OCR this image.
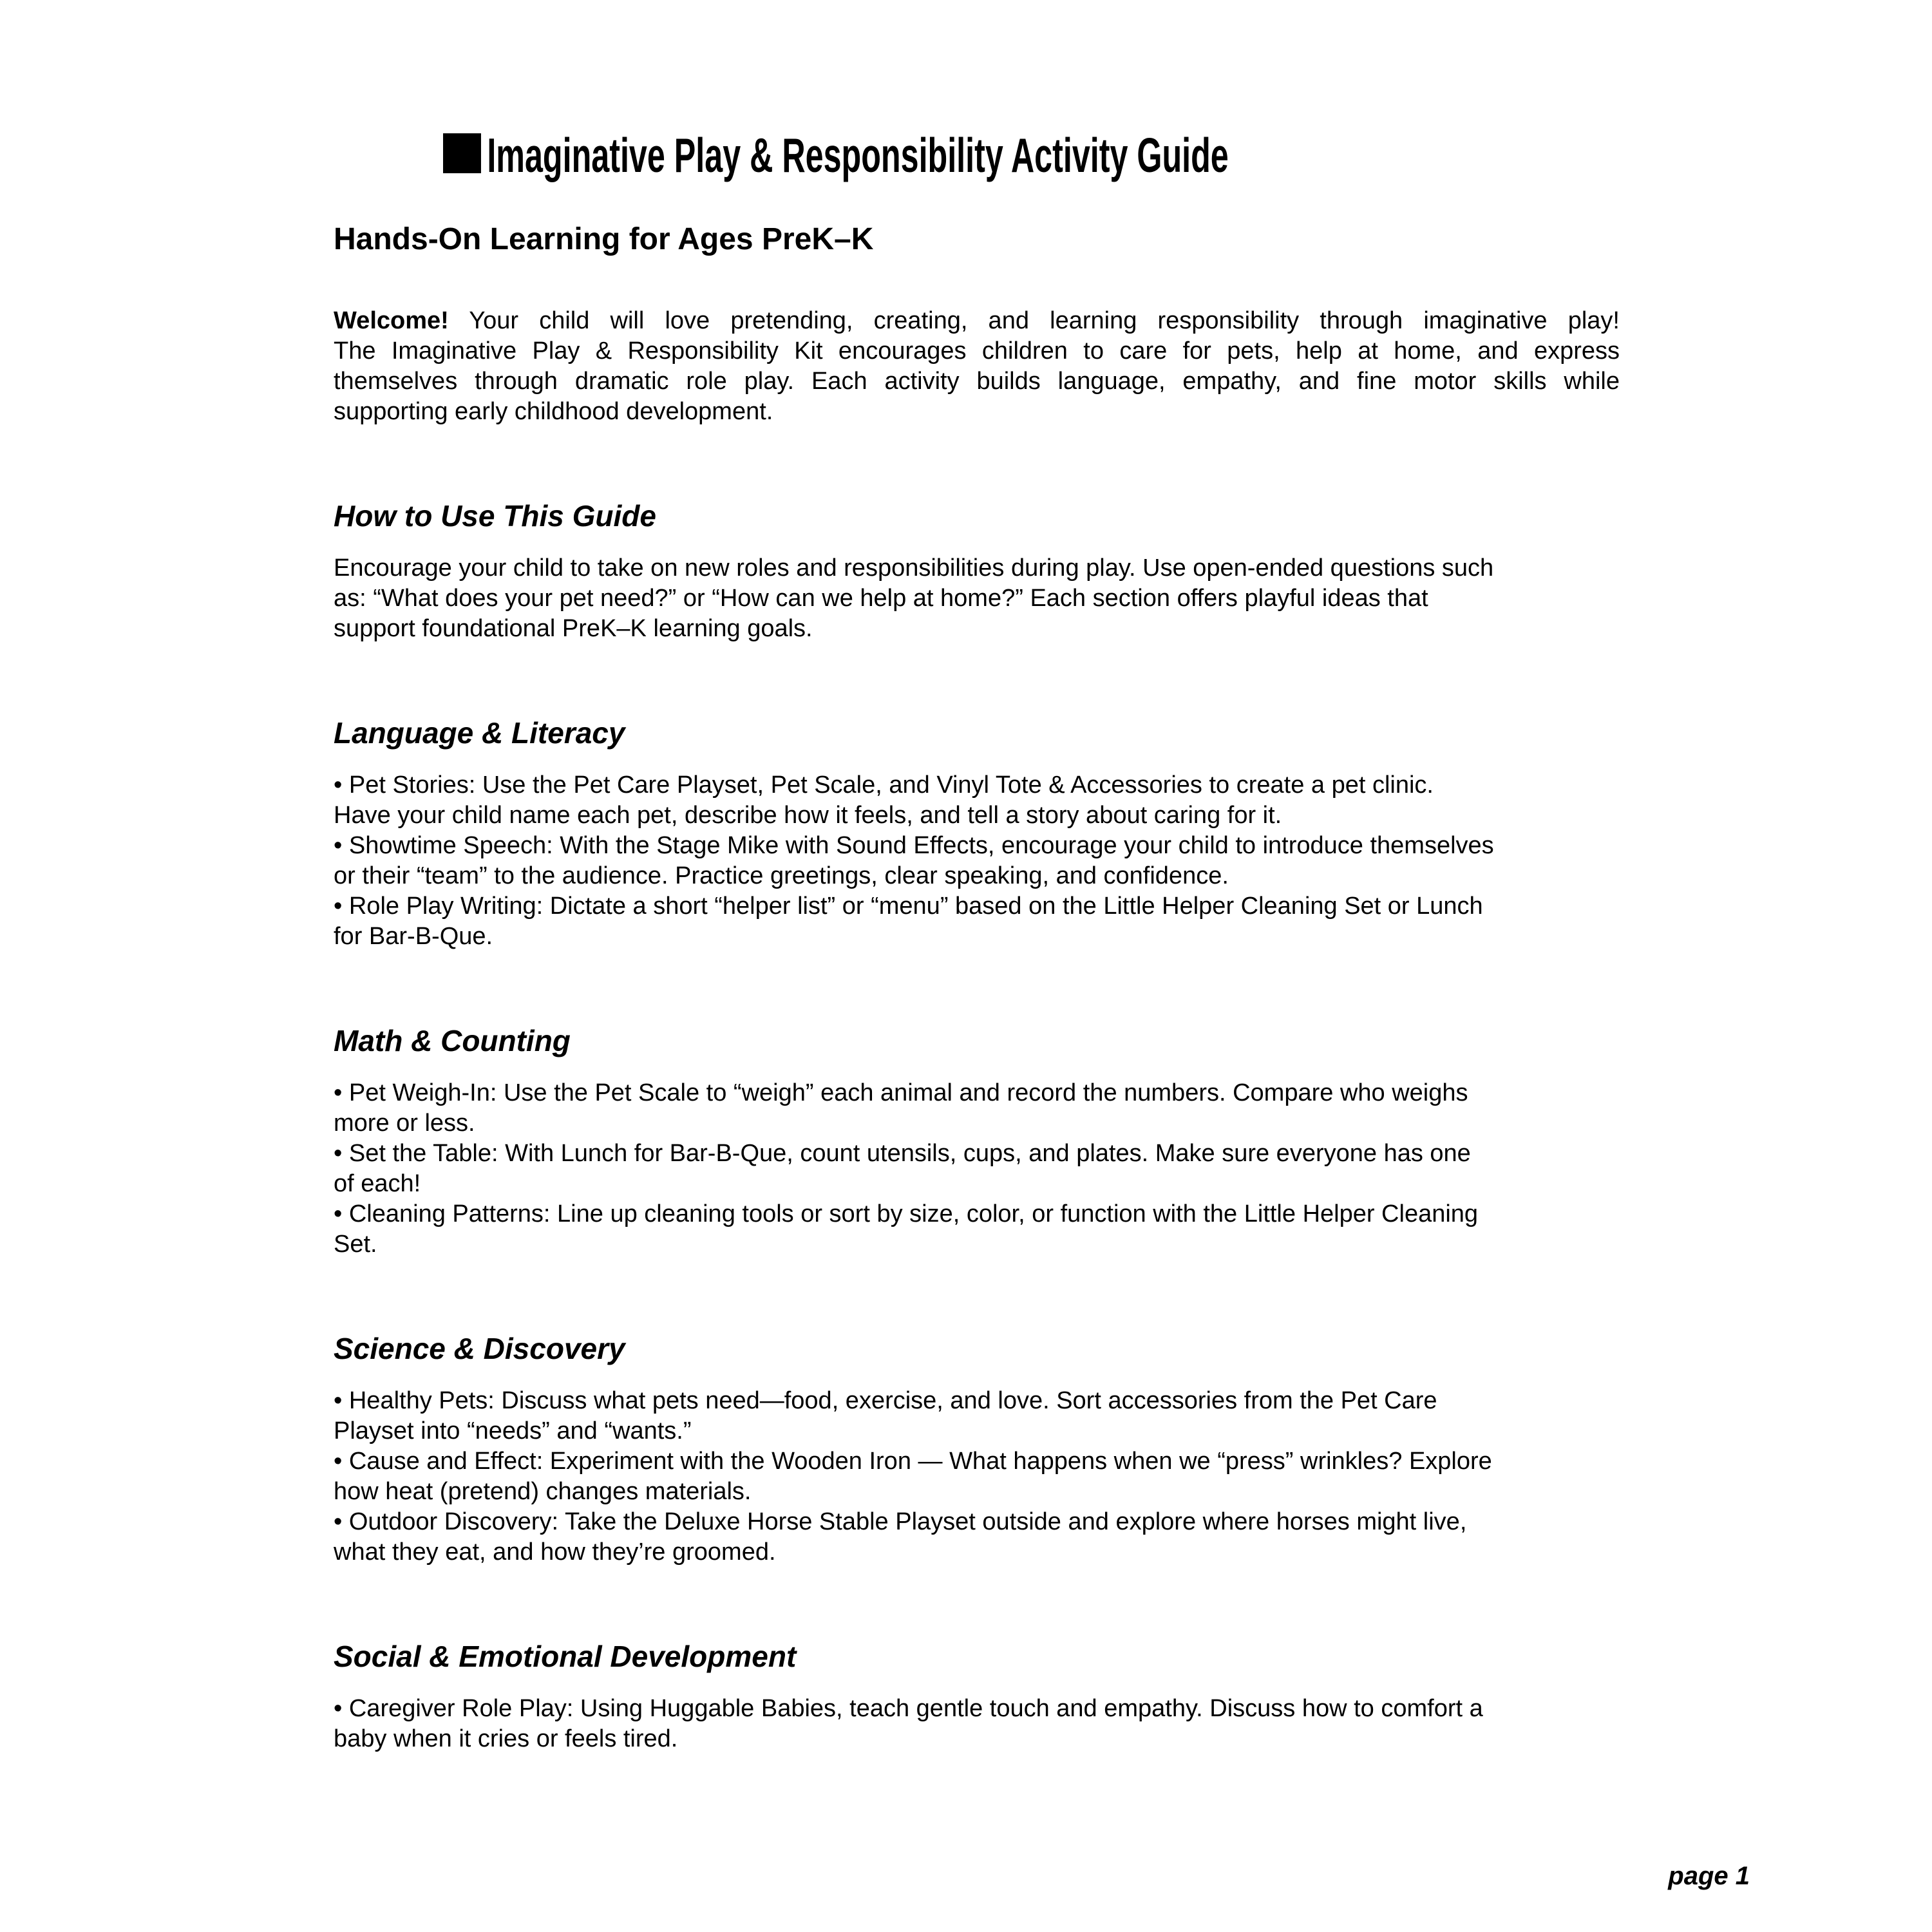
Imaginative Play & Responsibility Activity Guide
Hands-On Learning for Ages PreK–K
Welcome! Your child will love pretending, creating, and learning responsibility through imaginative play!
The Imaginative Play & Responsibility Kit encourages children to care for pets, help at home, and express
themselves through dramatic role play. Each activity builds language, empathy, and fine motor skills while
supporting early childhood development.
How to Use This Guide
Encourage your child to take on new roles and responsibilities during play. Use open-ended questions such
as: “What does your pet need?” or “How can we help at home?” Each section offers playful ideas that
support foundational PreK–K learning goals.
Language & Literacy
• Pet Stories: Use the Pet Care Playset, Pet Scale, and Vinyl Tote & Accessories to create a pet clinic.
Have your child name each pet, describe how it feels, and tell a story about caring for it.
• Showtime Speech: With the Stage Mike with Sound Effects, encourage your child to introduce themselves
or their “team” to the audience. Practice greetings, clear speaking, and confidence.
• Role Play Writing: Dictate a short “helper list” or “menu” based on the Little Helper Cleaning Set or Lunch
for Bar-B-Que.
Math & Counting
• Pet Weigh-In: Use the Pet Scale to “weigh” each animal and record the numbers. Compare who weighs
more or less.
• Set the Table: With Lunch for Bar-B-Que, count utensils, cups, and plates. Make sure everyone has one
of each!
• Cleaning Patterns: Line up cleaning tools or sort by size, color, or function with the Little Helper Cleaning
Set.
Science & Discovery
• Healthy Pets: Discuss what pets need—food, exercise, and love. Sort accessories from the Pet Care
Playset into “needs” and “wants.”
• Cause and Effect: Experiment with the Wooden Iron — What happens when we “press” wrinkles? Explore
how heat (pretend) changes materials.
• Outdoor Discovery: Take the Deluxe Horse Stable Playset outside and explore where horses might live,
what they eat, and how they’re groomed.
Social & Emotional Development
• Caregiver Role Play: Using Huggable Babies, teach gentle touch and empathy. Discuss how to comfort a
baby when it cries or feels tired.
page 1
